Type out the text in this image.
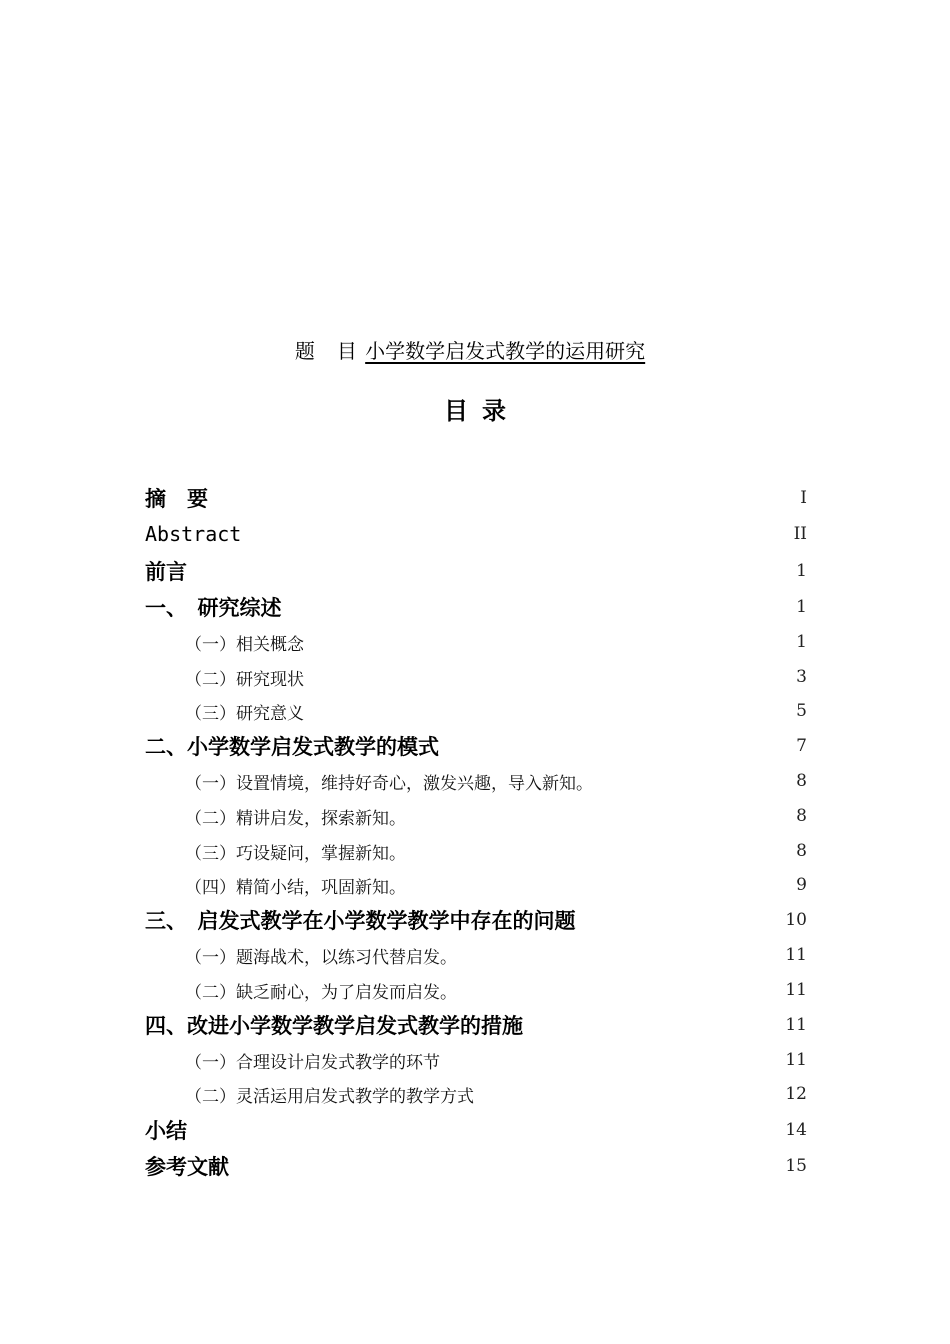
题 目 小学数学启发式教学的运用研究
目 录
摘　要	I
Abstract	II
前言	1
一、　研究综述	1
（一）相关概念	1
（二）研究现状	3
（三）研究意义	5
二、小学数学启发式教学的模式	7
（一）设置情境，维持好奇心，激发兴趣，导入新知。	8
（二）精讲启发，探索新知。	8
（三）巧设疑问，掌握新知。	8
（四）精简小结，巩固新知。	9
三、　启发式教学在小学数学教学中存在的问题	10
（一）题海战术，以练习代替启发。	11
（二）缺乏耐心，为了启发而启发。	11
四、改进小学数学教学启发式教学的措施	11
（一）合理设计启发式教学的环节	11
（二）灵活运用启发式教学的教学方式	12
小结	14
参考文献	15
